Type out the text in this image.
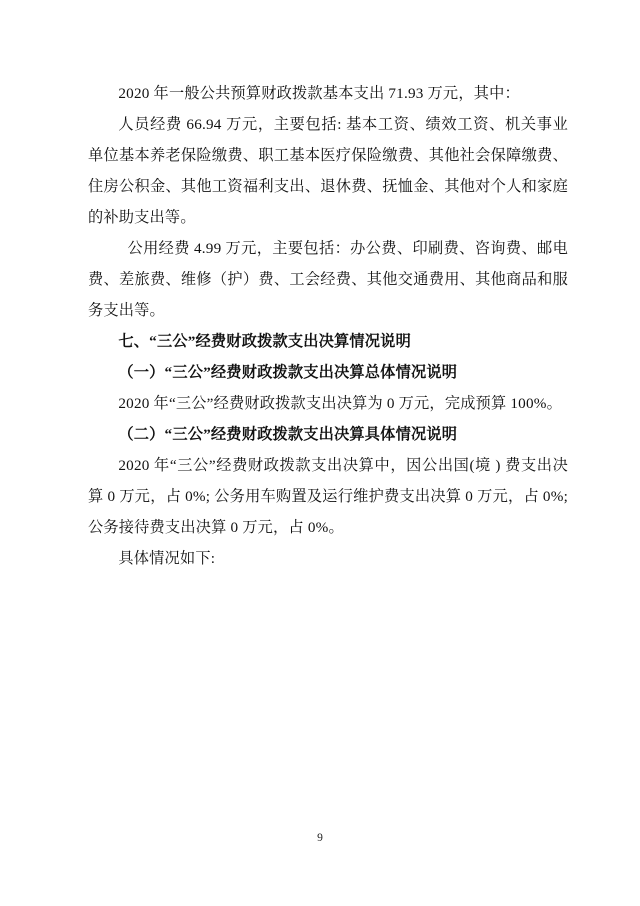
2020 年一般公共预算财政拨款基本支出 71.93 万元，其中：

人员经费 66.94 万元，主要包括: 基本工资、绩效工资、机关事业单位基本养老保险缴费、职工基本医疗保险缴费、其他社会保障缴费、住房公积金、其他工资福利支出、退休费、抚恤金、其他对个人和家庭的补助支出等。

公用经费 4.99 万元，主要包括：办公费、印刷费、咨询费、邮电费、差旅费、维修（护）费、工会经费、其他交通费用、其他商品和服务支出等。

七、“三公”经费财政拨款支出决算情况说明

（一）“三公”经费财政拨款支出决算总体情况说明

2020 年“三公”经费财政拨款支出决算为 0 万元，完成预算 100%。

（二）“三公”经费财政拨款支出决算具体情况说明

2020 年“三公”经费财政拨款支出决算中，因公出国(境 ) 费支出决算 0 万元，占 0%; 公务用车购置及运行维护费支出决算 0 万元，占 0%; 公务接待费支出决算 0 万元，占 0%。

具体情况如下:

9
